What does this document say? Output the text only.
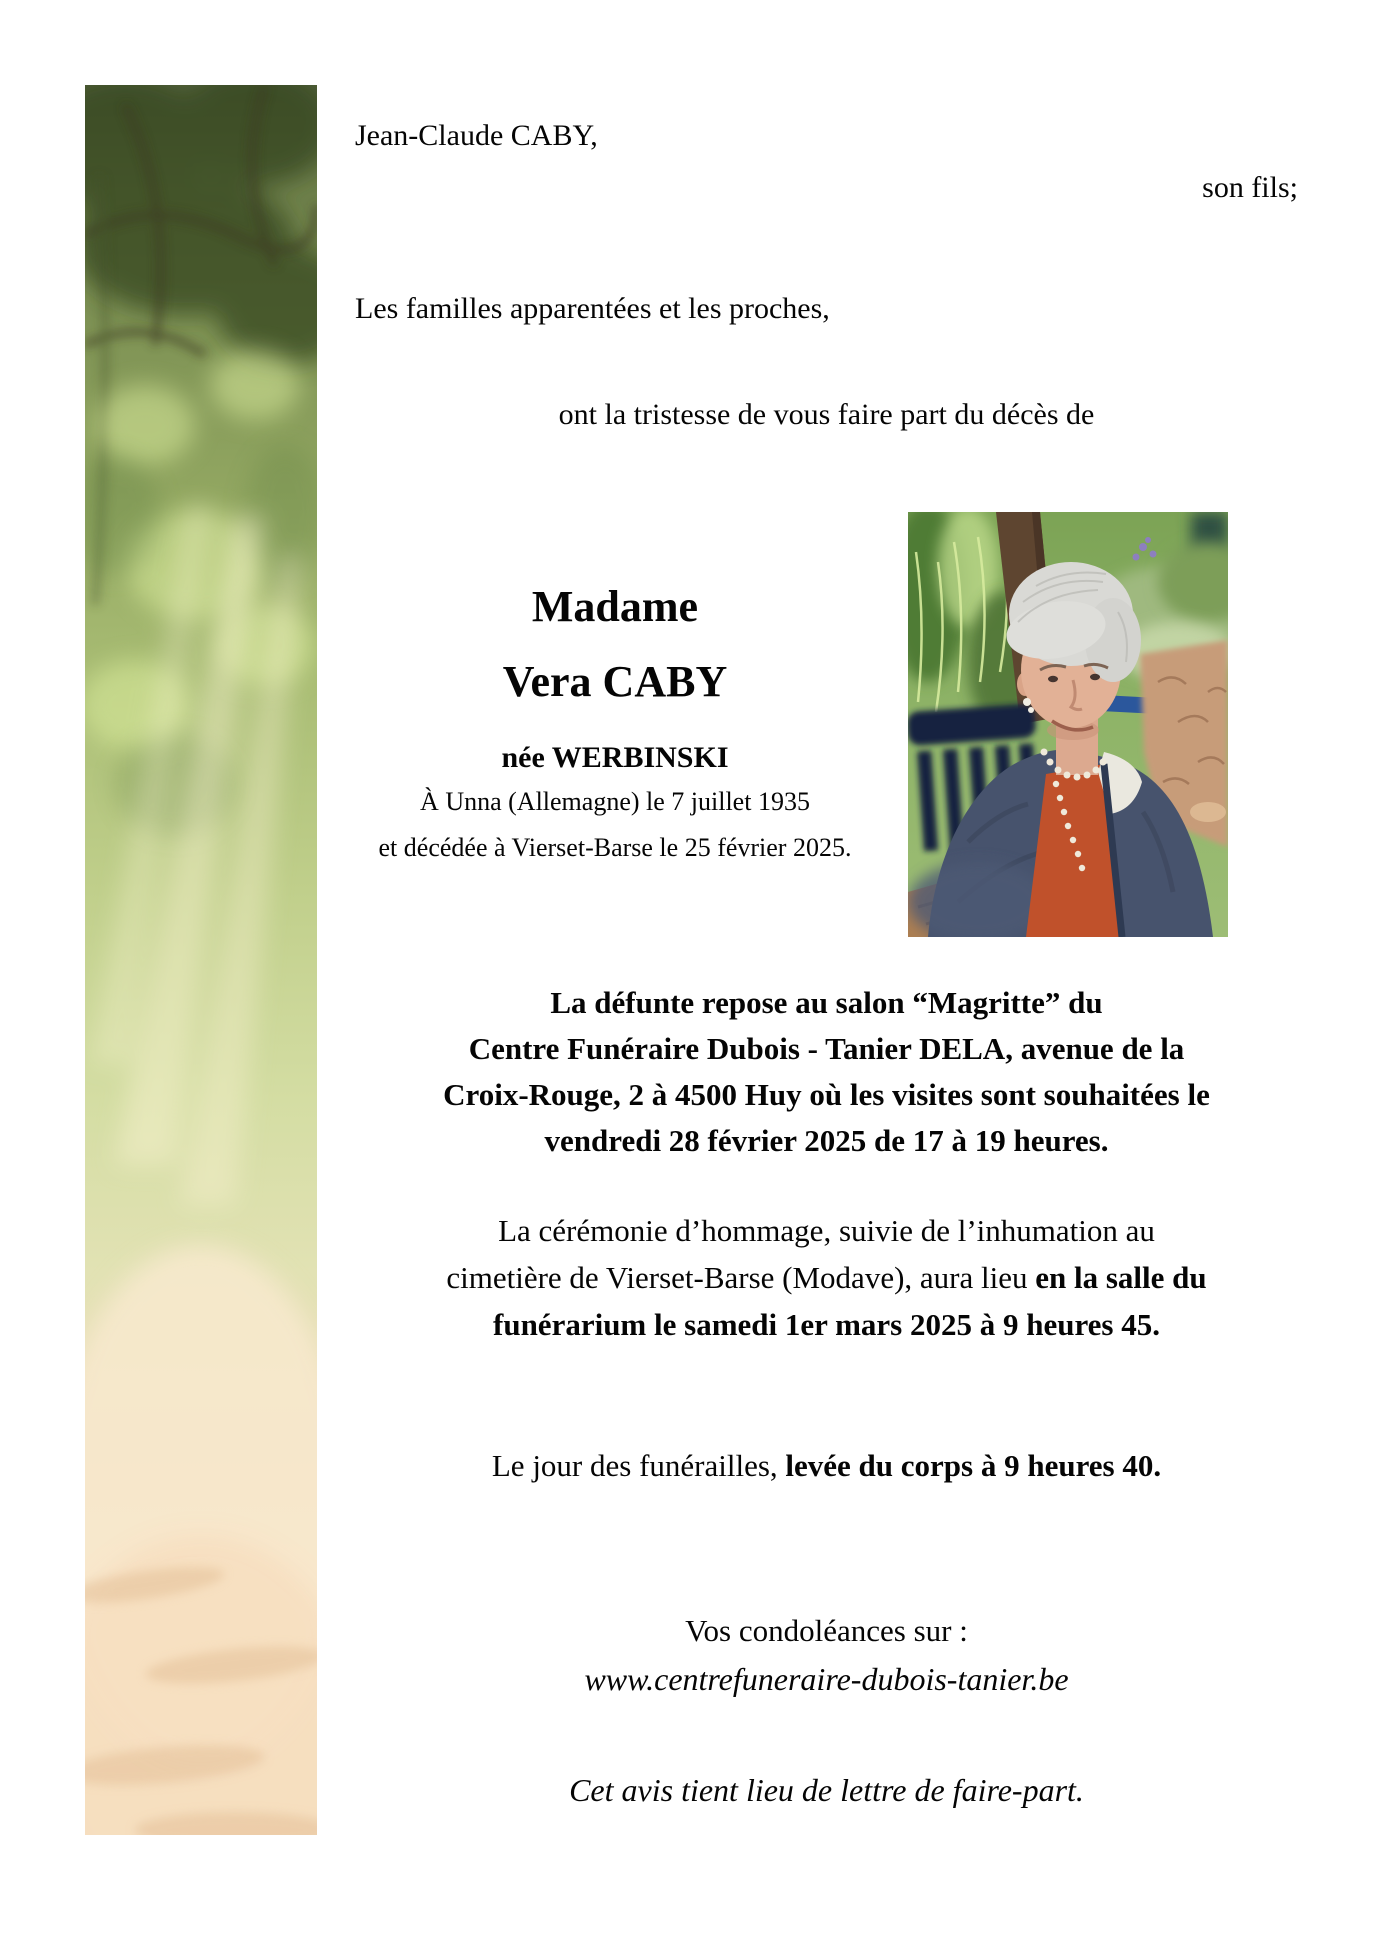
Jean-Claude CABY,
son fils;
Les familles apparentées et les proches,
ont la tristesse de vous faire part du décès de
Madame
Vera CABY
née WERBINSKI
À Unna (Allemagne) le 7 juillet 1935
et décédée à Vierset-Barse le 25 février 2025.
La défunte repose au salon “Magritte” du
Centre Funéraire Dubois - Tanier DELA, avenue de la
Croix-Rouge, 2 à 4500 Huy où les visites sont souhaitées le
vendredi 28 février 2025 de 17 à 19 heures.
La cérémonie d’hommage, suivie de l’inhumation au
cimetière de Vierset-Barse (Modave), aura lieu en la salle du
funérarium le samedi 1er mars 2025 à 9 heures 45.
Le jour des funérailles, levée du corps à 9 heures 40.
Vos condoléances sur :
www.centrefuneraire-dubois-tanier.be
Cet avis tient lieu de lettre de faire-part.
